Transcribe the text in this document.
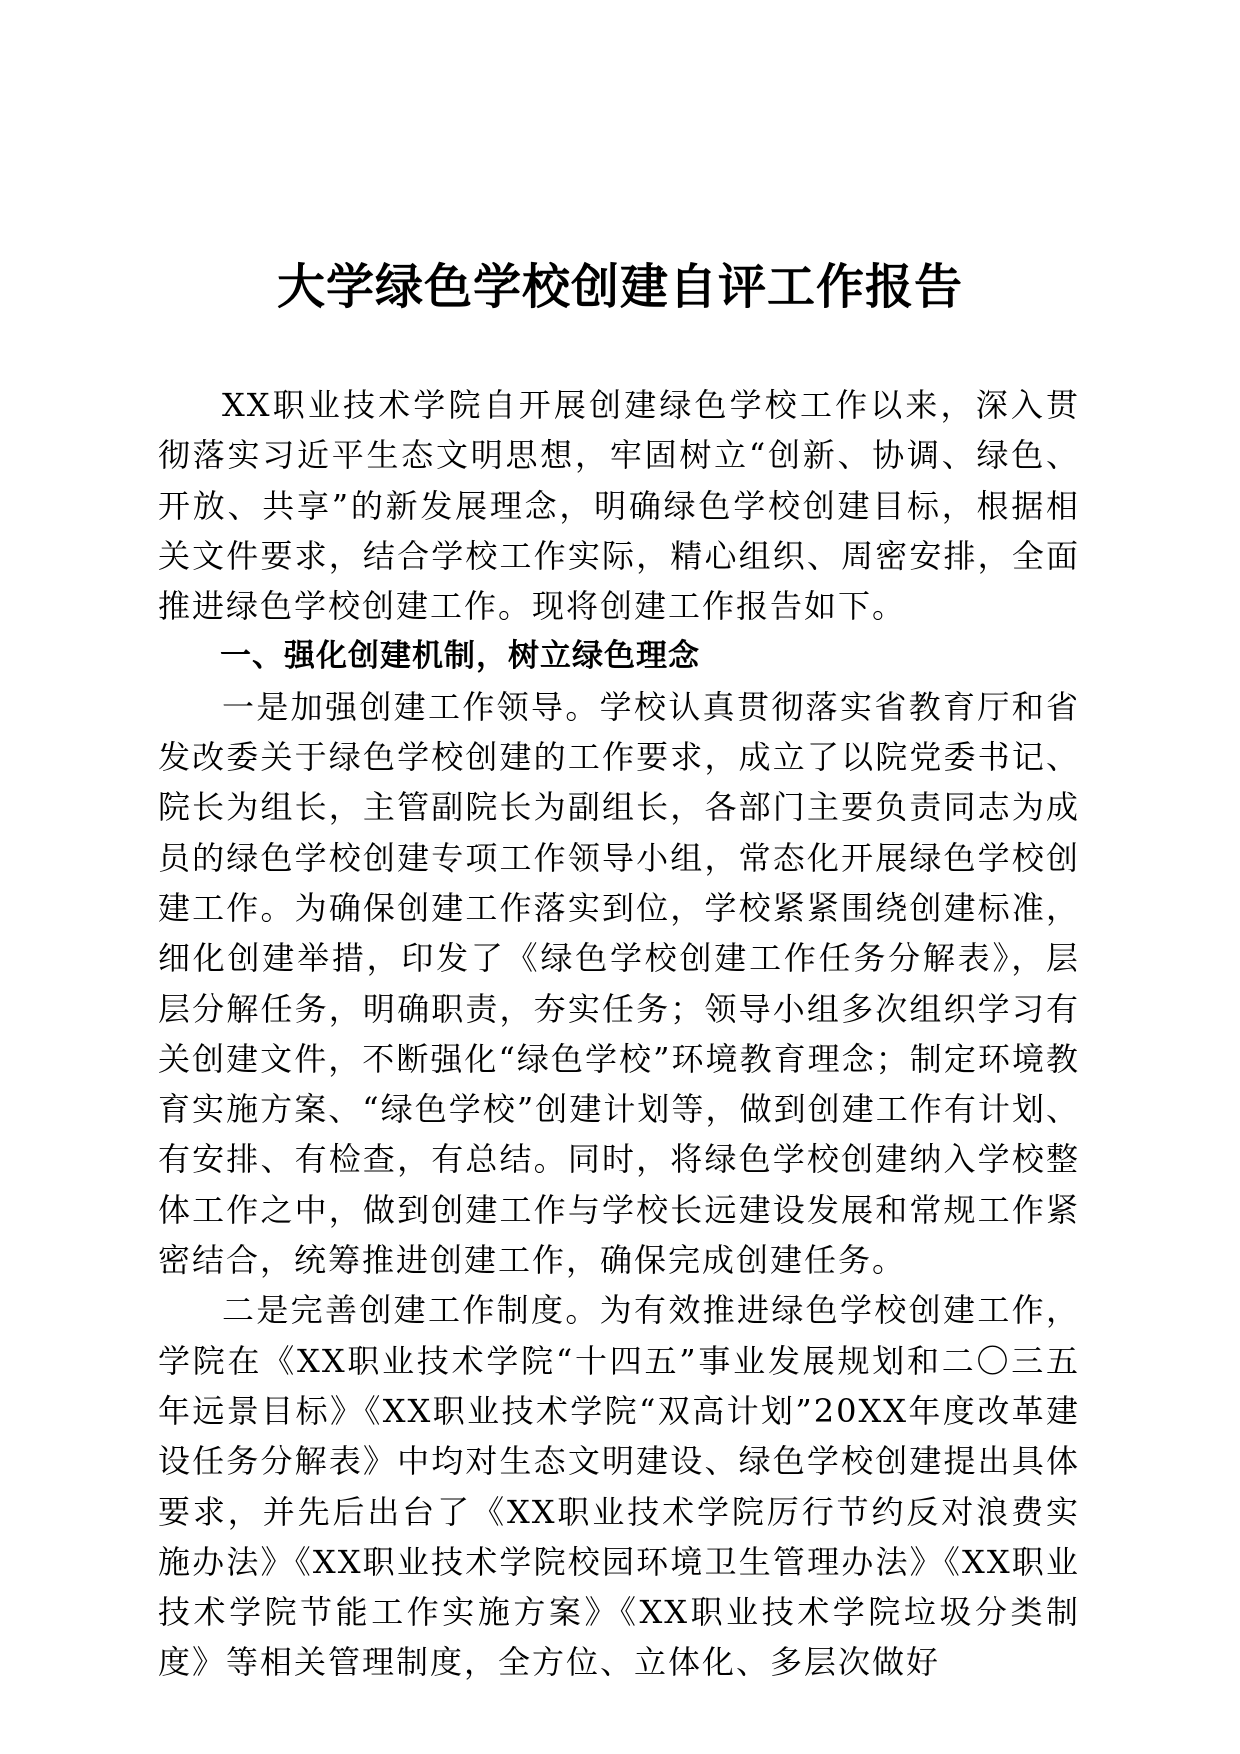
大学绿色学校创建自评工作报告

XX职业技术学院自开展创建绿色学校工作以来，深入贯彻落实习近平生态文明思想，牢固树立“创新、协调、绿色、开放、共享”的新发展理念，明确绿色学校创建目标，根据相关文件要求，结合学校工作实际，精心组织、周密安排，全面推进绿色学校创建工作。现将创建工作报告如下。

一、强化创建机制，树立绿色理念

一是加强创建工作领导。学校认真贯彻落实省教育厅和省发改委关于绿色学校创建的工作要求，成立了以院党委书记、院长为组长，主管副院长为副组长，各部门主要负责同志为成员的绿色学校创建专项工作领导小组，常态化开展绿色学校创建工作。为确保创建工作落实到位，学校紧紧围绕创建标准，细化创建举措，印发了《绿色学校创建工作任务分解表》，层层分解任务，明确职责，夯实任务；领导小组多次组织学习有关创建文件，不断强化“绿色学校”环境教育理念；制定环境教育实施方案、“绿色学校”创建计划等，做到创建工作有计划、有安排、有检查，有总结。同时，将绿色学校创建纳入学校整体工作之中，做到创建工作与学校长远建设发展和常规工作紧密结合，统筹推进创建工作，确保完成创建任务。

二是完善创建工作制度。为有效推进绿色学校创建工作，学院在《XX职业技术学院“十四五”事业发展规划和二〇三五年远景目标》《XX职业技术学院“双高计划”20XX年度改革建设任务分解表》中均对生态文明建设、绿色学校创建提出具体要求，并先后出台了《XX职业技术学院厉行节约反对浪费实施办法》《XX职业技术学院校园环境卫生管理办法》《XX职业技术学院节能工作实施方案》《XX职业技术学院垃圾分类制度》等相关管理制度，全方位、立体化、多层次做好
